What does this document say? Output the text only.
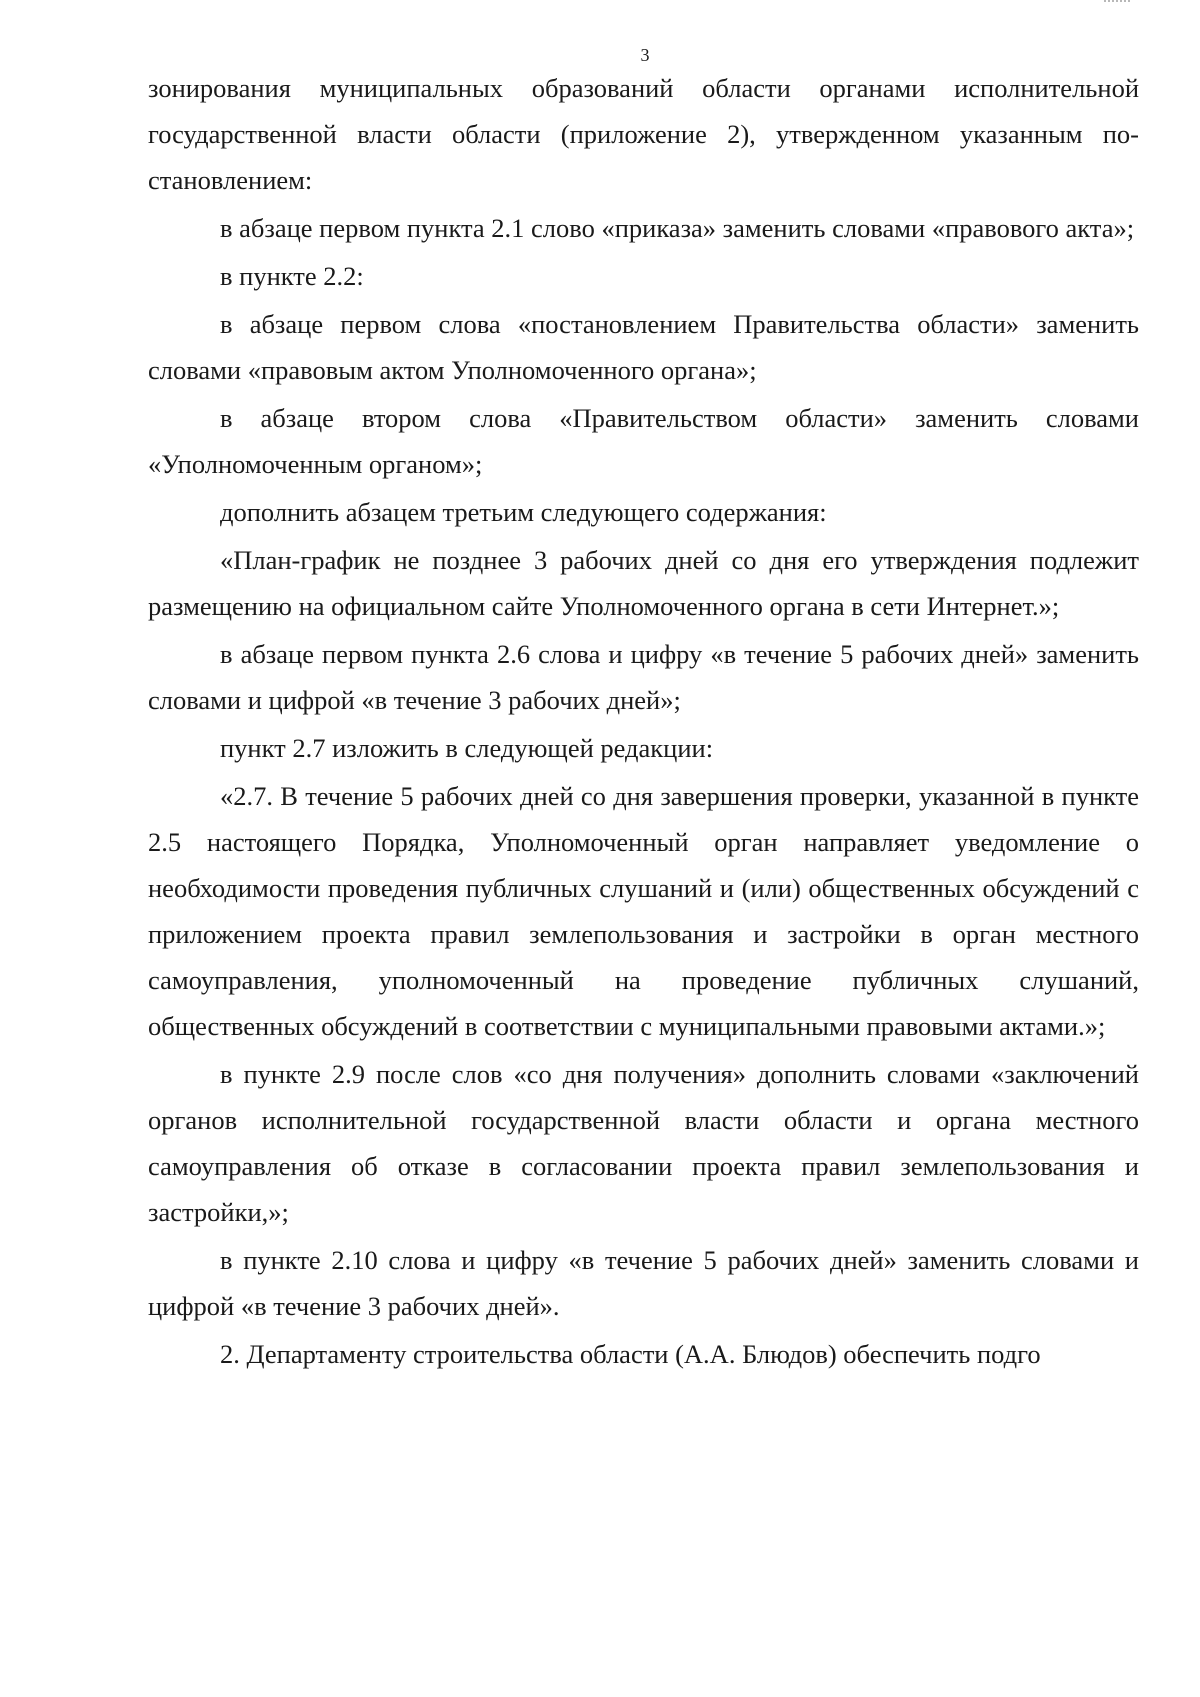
3

зонирования муниципальных образований области органами исполнительной государственной власти области (приложение 2), утвержденном указанным постановлением:

в абзаце первом пункта 2.1 слово «приказа» заменить словами «правового акта»;

в пункте 2.2:

в абзаце первом слова «постановлением Правительства области» заменить словами «правовым актом Уполномоченного органа»;

в абзаце втором слова «Правительством области» заменить словами «Уполномоченным органом»;

дополнить абзацем третьим следующего содержания:

«План-график не позднее 3 рабочих дней со дня его утверждения подлежит размещению на официальном сайте Уполномоченного органа в сети Интернет.»;

в абзаце первом пункта 2.6 слова и цифру «в течение 5 рабочих дней» заменить словами и цифрой «в течение 3 рабочих дней»;

пункт 2.7 изложить в следующей редакции:

«2.7. В течение 5 рабочих дней со дня завершения проверки, указанной в пункте 2.5 настоящего Порядка, Уполномоченный орган направляет уведомление о необходимости проведения публичных слушаний и (или) общественных обсуждений с приложением проекта правил землепользования и застройки в орган местного самоуправления, уполномоченный на проведение публичных слушаний, общественных обсуждений в соответствии с муниципальными правовыми актами.»;

в пункте 2.9 после слов «со дня получения» дополнить словами «заключений органов исполнительной государственной власти области и органа местного самоуправления об отказе в согласовании проекта правил землепользования и застройки,»;

в пункте 2.10 слова и цифру «в течение 5 рабочих дней» заменить словами и цифрой «в течение 3 рабочих дней».

2. Департаменту строительства области (А.А. Блюдов) обеспечить подго
